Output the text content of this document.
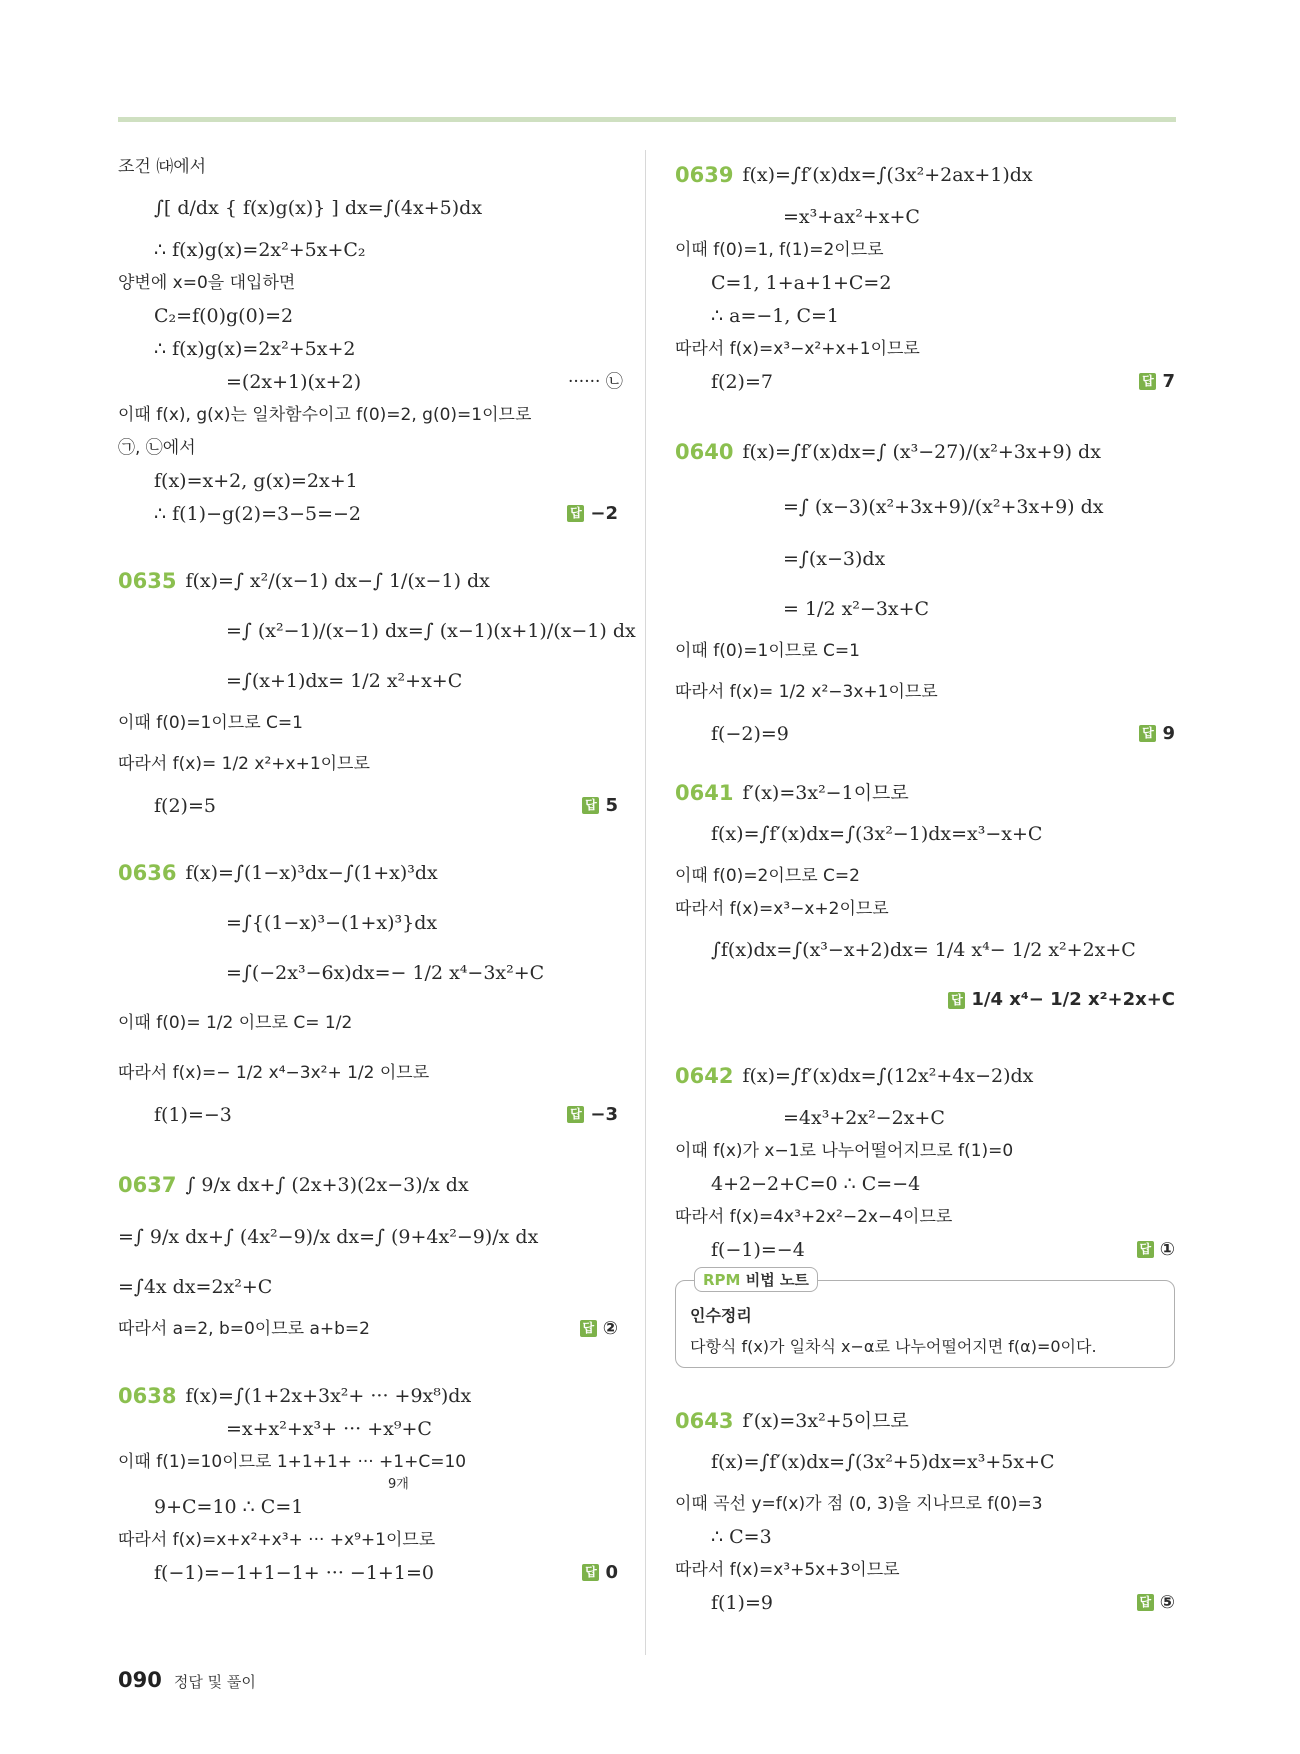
조건 ㈐에서
∫[ d/dx { f(x)g(x)} ] dx=∫(4x+5)dx
∴ f(x)g(x)=2x²+5x+C₂
양변에 x=0을 대입하면
C₂=f(0)g(0)=2
∴ f(x)g(x)=2x²+5x+2
=(2x+1)(x+2)	······ ㉡
이때 f(x), g(x)는 일차함수이고 f(0)=2, g(0)=1이므로
㉠, ㉡에서
f(x)=x+2, g(x)=2x+1
∴ f(1)−g(2)=3−5=−2	답 −2
0635 f(x)=∫ x²/(x−1) dx−∫ 1/(x−1) dx
=∫ (x²−1)/(x−1) dx=∫ (x−1)(x+1)/(x−1) dx
=∫(x+1)dx= 1/2 x²+x+C
이때 f(0)=1이므로 C=1
따라서 f(x)= 1/2 x²+x+1이므로
f(2)=5	답 5
0636 f(x)=∫(1−x)³dx−∫(1+x)³dx
=∫{(1−x)³−(1+x)³}dx
=∫(−2x³−6x)dx=− 1/2 x⁴−3x²+C
이때 f(0)= 1/2 이므로 C= 1/2
따라서 f(x)=− 1/2 x⁴−3x²+ 1/2 이므로
f(1)=−3	답 −3
0637 ∫ 9/x dx+∫ (2x+3)(2x−3)/x dx
=∫ 9/x dx+∫ (4x²−9)/x dx=∫ (9+4x²−9)/x dx
=∫4x dx=2x²+C
따라서 a=2, b=0이므로 a+b=2	답 ②
0638 f(x)=∫(1+2x+3x²+ ··· +9x⁸)dx
=x+x²+x³+ ··· +x⁹+C
이때 f(1)=10이므로 1+1+1+ ··· +1+C=10
9개
9+C=10 ∴ C=1
따라서 f(x)=x+x²+x³+ ··· +x⁹+1이므로
f(−1)=−1+1−1+ ··· −1+1=0	답 0
0639 f(x)=∫f′(x)dx=∫(3x²+2ax+1)dx
=x³+ax²+x+C
이때 f(0)=1, f(1)=2이므로
C=1, 1+a+1+C=2
∴ a=−1, C=1
따라서 f(x)=x³−x²+x+1이므로
f(2)=7	답 7
0640 f(x)=∫f′(x)dx=∫ (x³−27)/(x²+3x+9) dx
=∫ (x−3)(x²+3x+9)/(x²+3x+9) dx
=∫(x−3)dx
= 1/2 x²−3x+C
이때 f(0)=1이므로 C=1
따라서 f(x)= 1/2 x²−3x+1이므로
f(−2)=9	답 9
0641 f′(x)=3x²−1이므로
f(x)=∫f′(x)dx=∫(3x²−1)dx=x³−x+C
이때 f(0)=2이므로 C=2
따라서 f(x)=x³−x+2이므로
∫f(x)dx=∫(x³−x+2)dx= 1/4 x⁴− 1/2 x²+2x+C
답 1/4 x⁴− 1/2 x²+2x+C
0642 f(x)=∫f′(x)dx=∫(12x²+4x−2)dx
=4x³+2x²−2x+C
이때 f(x)가 x−1로 나누어떨어지므로 f(1)=0
4+2−2+C=0 ∴ C=−4
따라서 f(x)=4x³+2x²−2x−4이므로
f(−1)=−4	답 ①
RPM 비법 노트
인수정리
다항식 f(x)가 일차식 x−α로 나누어떨어지면 f(α)=0이다.
0643 f′(x)=3x²+5이므로
f(x)=∫f′(x)dx=∫(3x²+5)dx=x³+5x+C
이때 곡선 y=f(x)가 점 (0, 3)을 지나므로 f(0)=3
∴ C=3
따라서 f(x)=x³+5x+3이므로
f(1)=9	답 ⑤
090 정답 및 풀이
